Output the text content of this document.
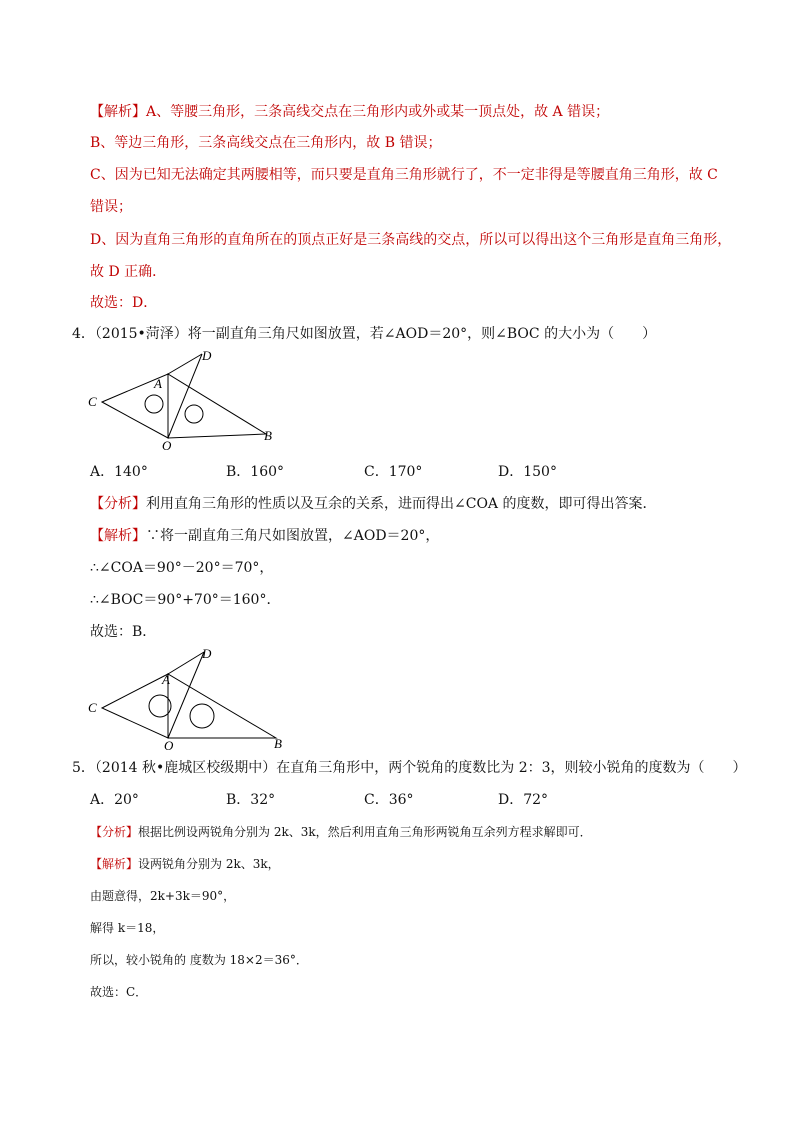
【解析】A、等腰三角形，三条高线交点在三角形内或外或某一顶点处，故 A 错误；
B、等边三角形，三条高线交点在三角形内，故 B 错误；
C、因为已知无法确定其两腰相等，而只要是直角三角形就行了，不一定非得是等腰直角三角形，故 C
错误；
D、因为直角三角形的直角所在的顶点正好是三条高线的交点，所以可以得出这个三角形是直角三角形，
故 D 正确．
故选：D．
4．（2015•菏泽）将一副直角三角尺如图放置，若∠AOD＝20°，则∠BOC 的大小为（　　）
C
A
D
O
B
A．140°	B．160°	C．170°	D．150°
【分析】利用直角三角形的性质以及互余的关系，进而得出∠COA 的度数，即可得出答案．
【解析】∵将一副直角三角尺如图放置，∠AOD＝20°，
∴∠COA＝90°－20°＝70°，
∴∠BOC＝90°+70°＝160°．
故选：B．
C
A
D
O	B
5．（2014 秋•鹿城区校级期中）在直角三角形中，两个锐角的度数比为 2：3，则较小锐角的度数为（　　）
A．20°	B．32°	C．36°	D．72°
【分析】根据比例设两锐角分别为 2k、3k，然后利用直角三角形两锐角互余列方程求解即可．
【解析】设两锐角分别为 2k、3k，
由题意得，2k+3k＝90°，
解得 k＝18，
所以，较小锐角的 度数为 18×2＝36°．
故选：C．
